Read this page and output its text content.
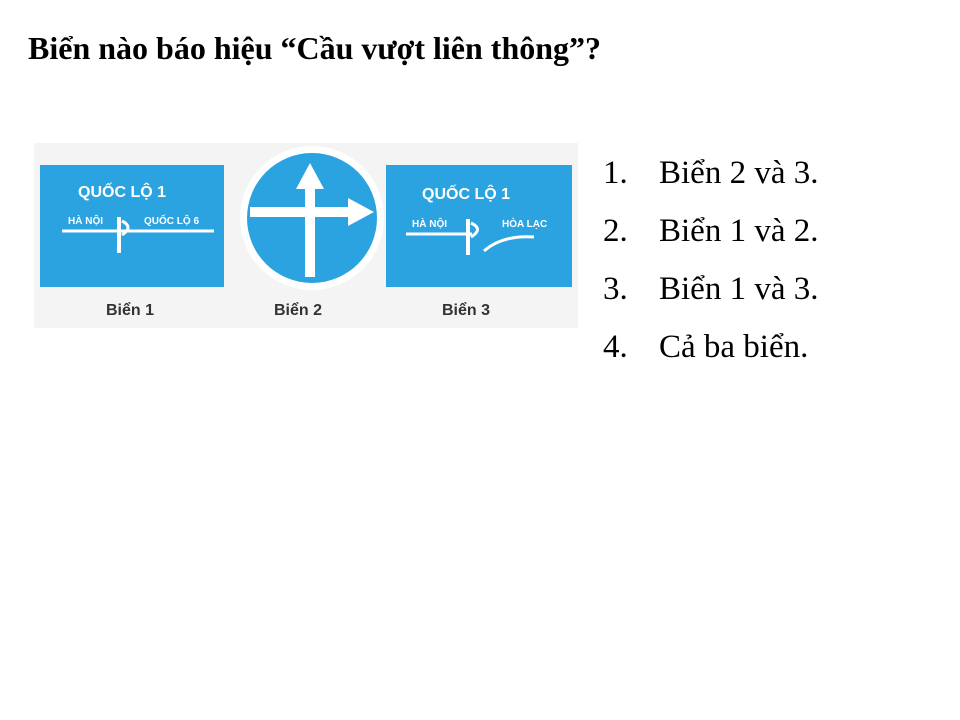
Biển nào báo hiệu “Cầu vượt liên thông”?
QUỐC LỘ 1
HÀ NỘI	QUỐC LỘ 6
Biển 1	Biển 2
QUỐC LỘ 1
HÀ NỘI	HÒA LẠC
Biển 3
1. Biển 2 và 3.
2. Biển 1 và 2.
3. Biển 1 và 3.
4. Cả ba biển.
